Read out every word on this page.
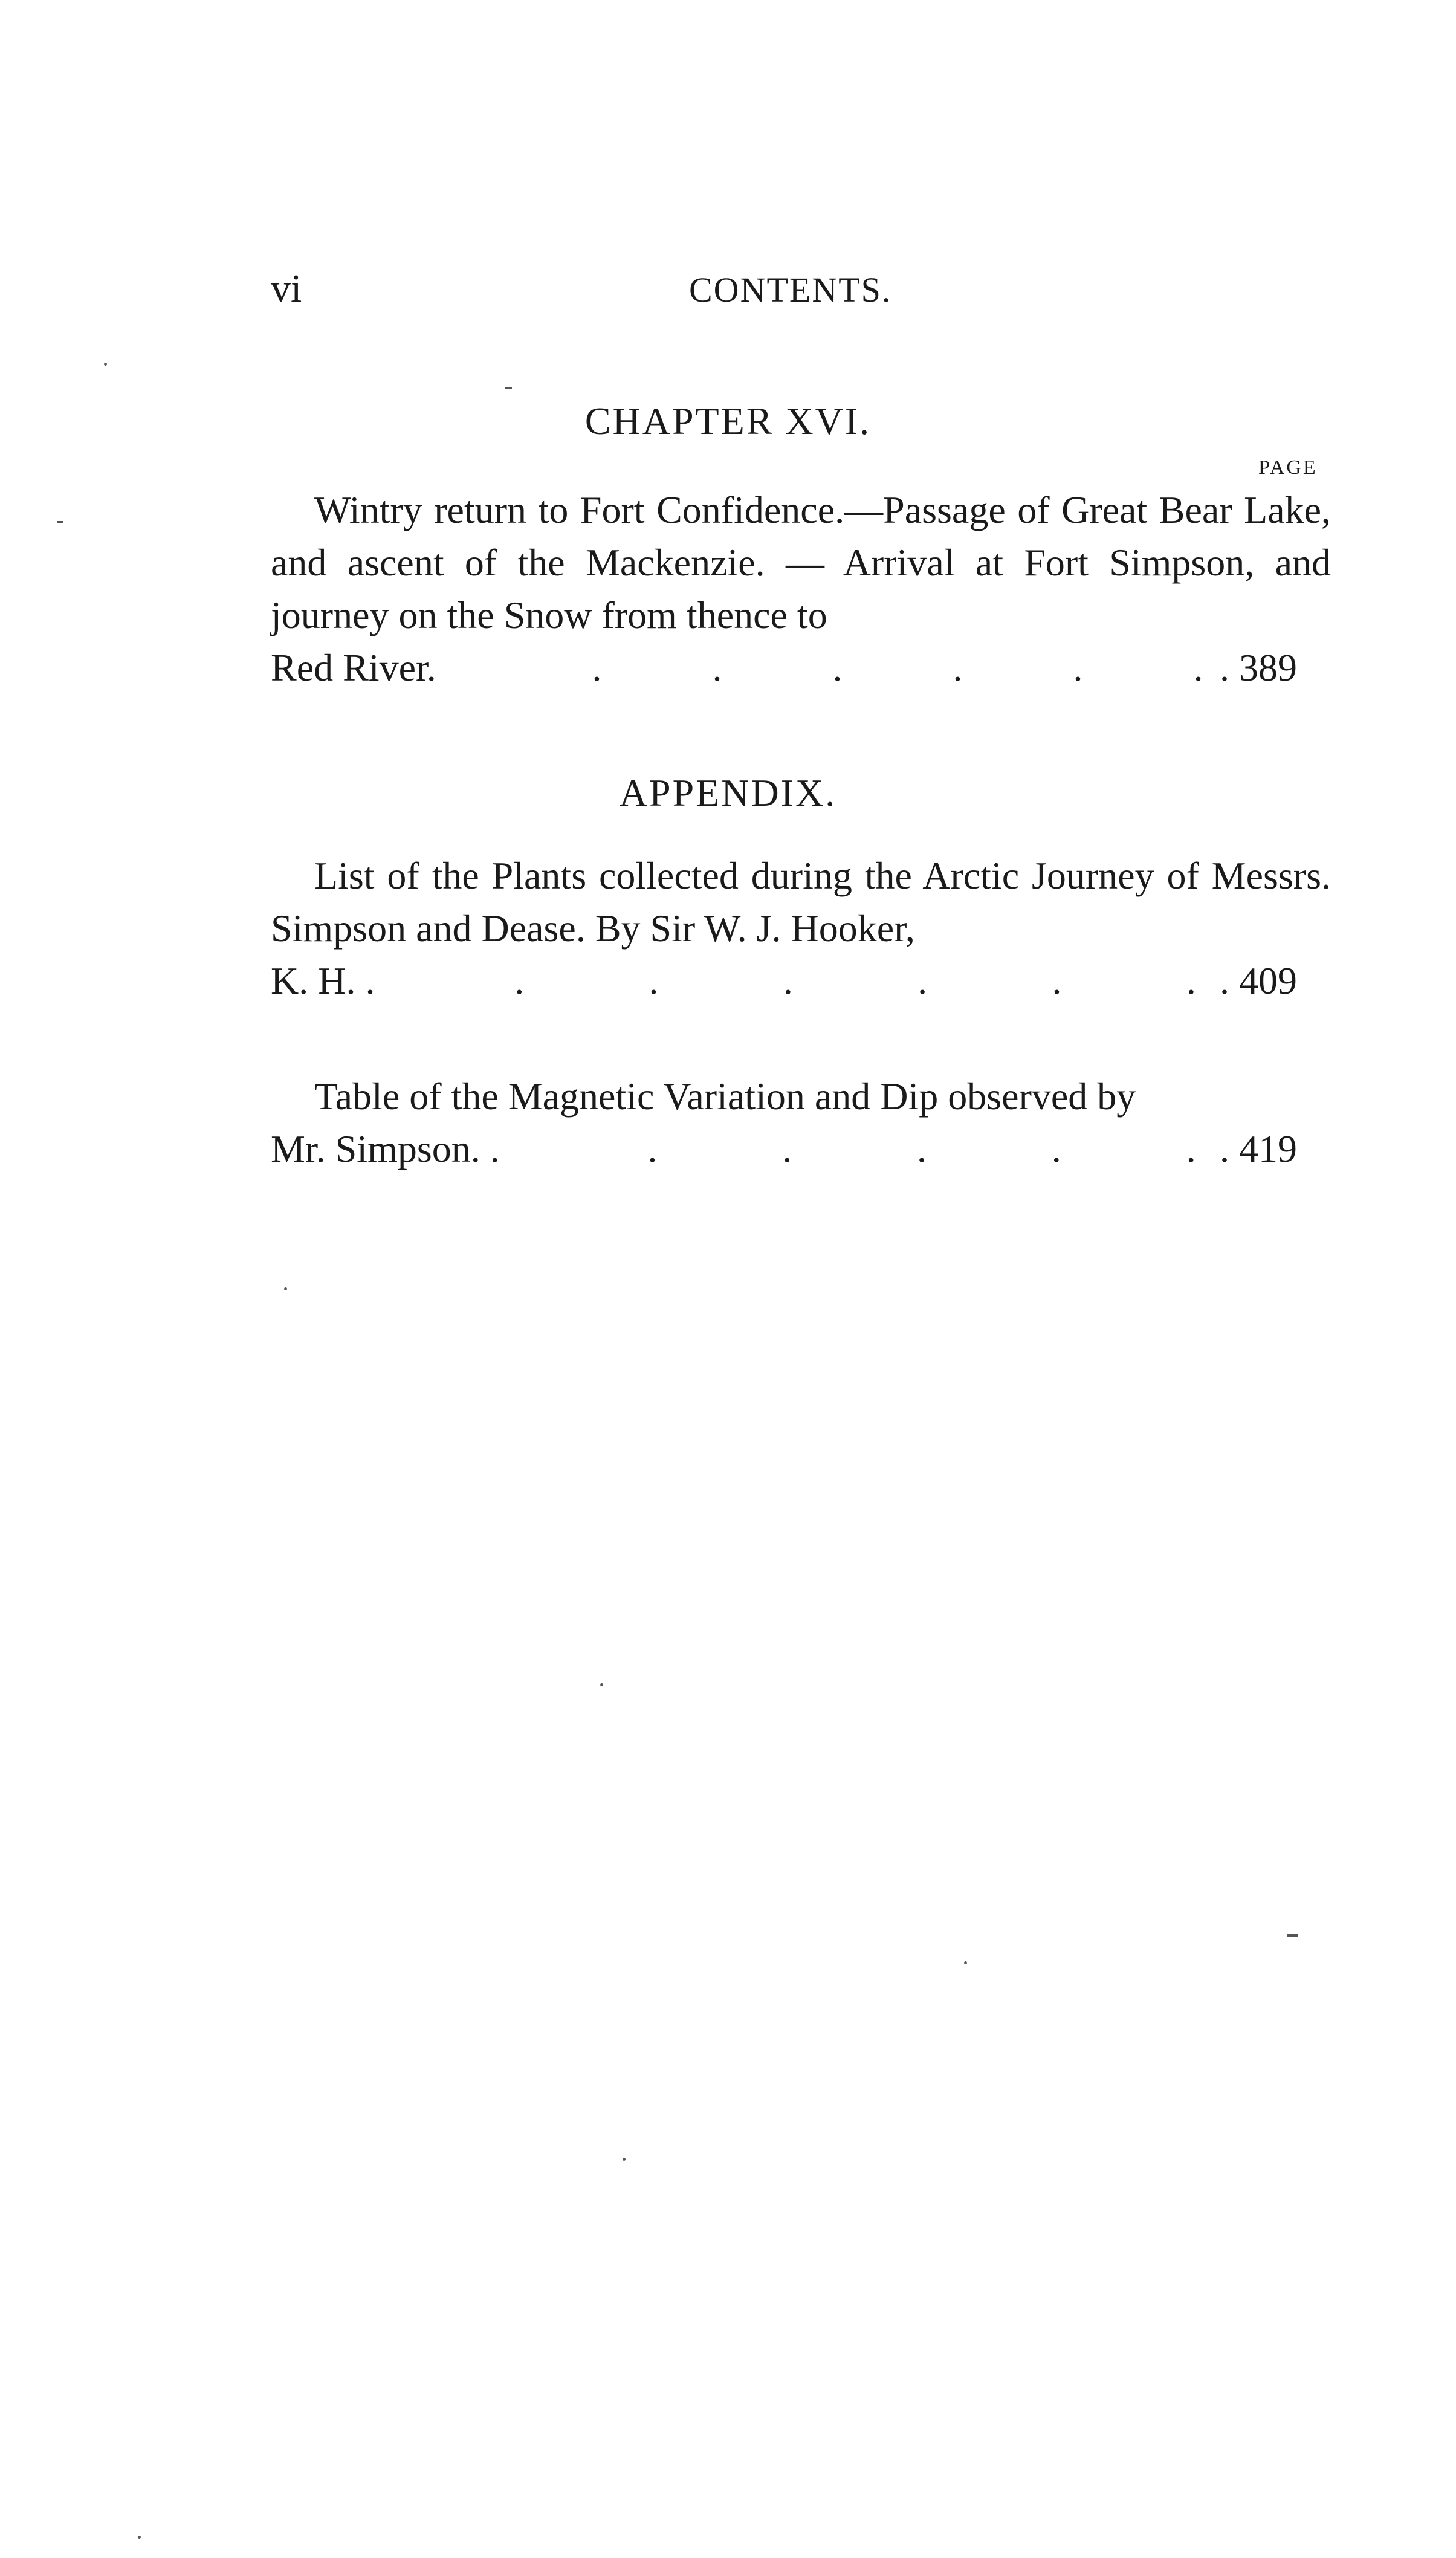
vi	CONTENTS.
CHAPTER XVI.
PAGE

Wintry return to Fort Confidence.—Passage of Great Bear Lake, and ascent of the Mackenzie. — Arrival at Fort Simpson, and journey on the Snow from thence to

Red River.	.	.	.	.	.	. . 389
APPENDIX.

List of the Plants collected during the Arctic Journey of Messrs. Simpson and Dease. By Sir W. J. Hooker,

K. H. .	.	.	.	.	.	. . 409

Table of the Magnetic Variation and Dip observed by

Mr. Simpson. .	.	.	.	.	. . 419
